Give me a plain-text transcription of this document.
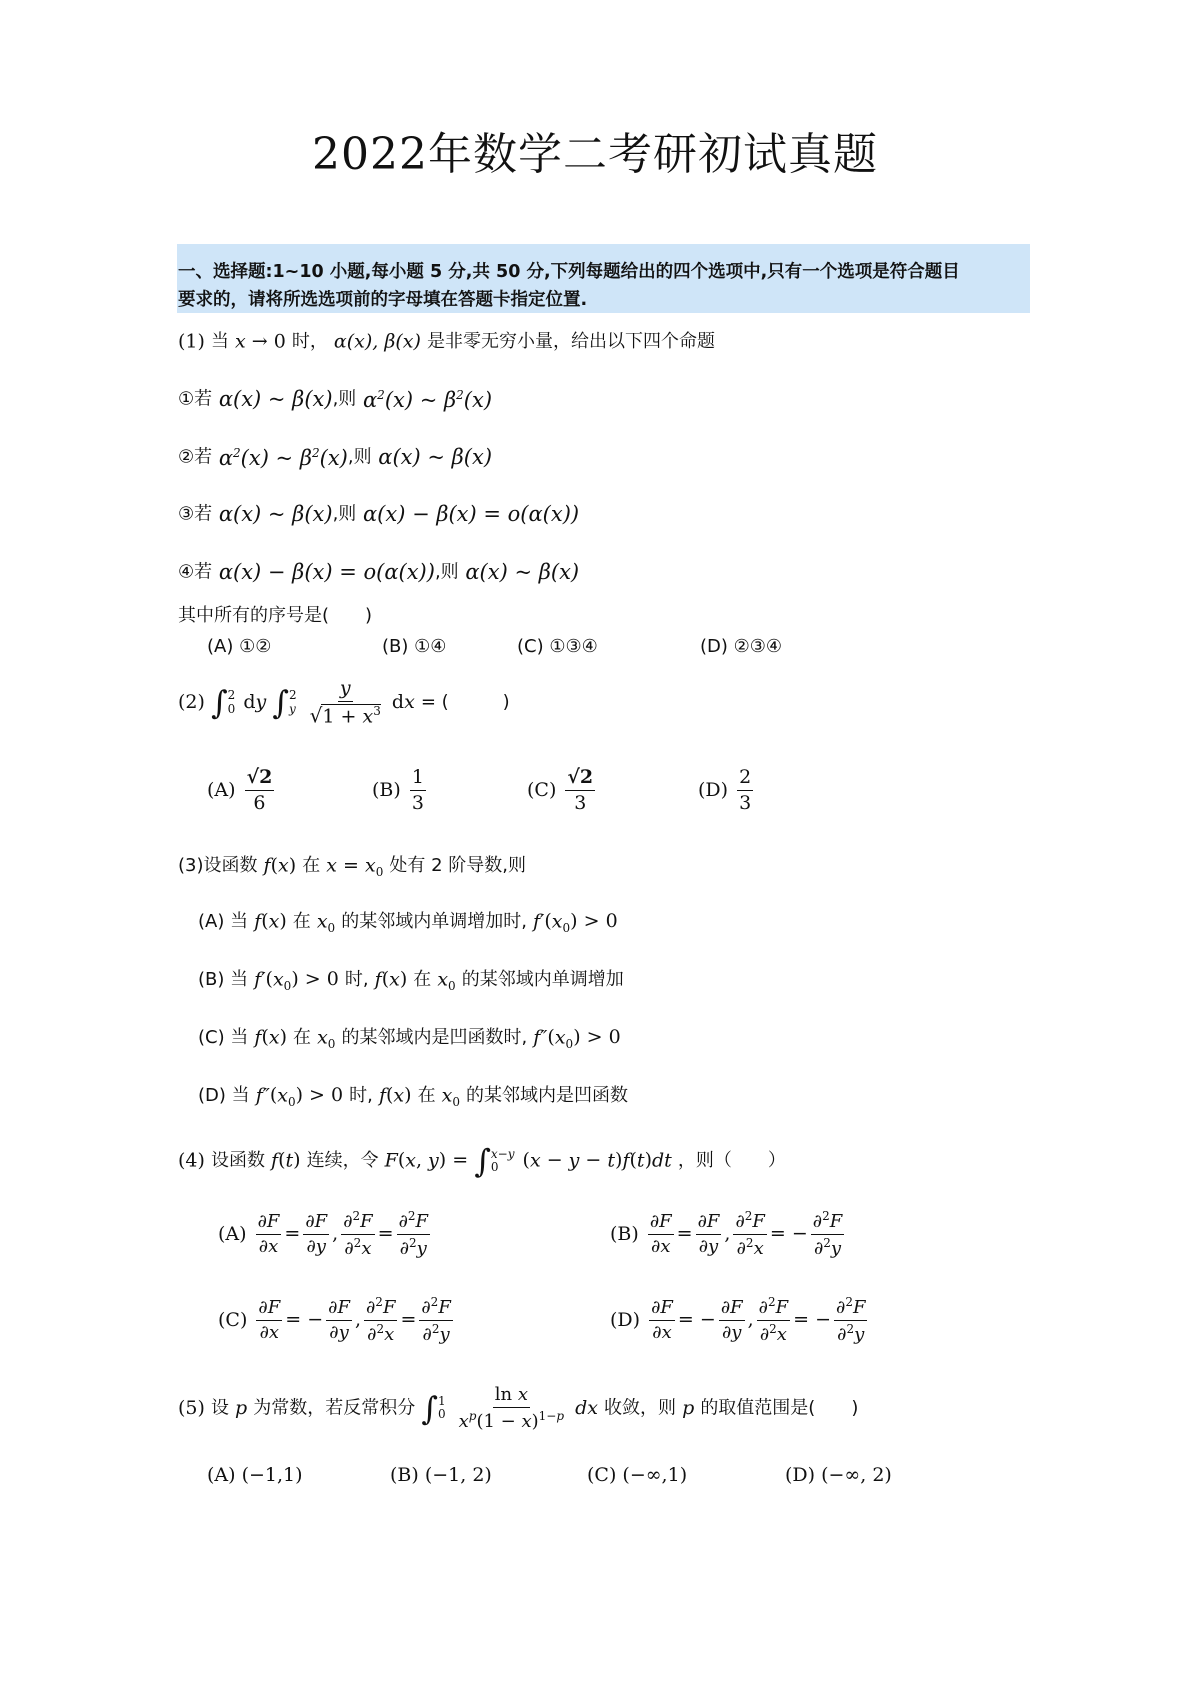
2022年数学二考研初试真题
一、选择题:1~10 小题,每小题 5 分,共 50 分,下列每题给出的四个选项中,只有一个选项是符合题目
要求的，请将所选选项前的字母填在答题卡指定位置.
(1) 当 x → 0 时， α(x), β(x) 是非零无穷小量，给出以下四个命题
①若 α(x) ~ β(x),则 $\alpha^2(x)$ ~ $\beta^2(x)$
②若 $\alpha^2(x)$ ~ $\beta^2(x)$,则 α(x) ~ β(x)
③若 α(x) ~ β(x),则 α(x) − β(x) = o(α(x))
④若 α(x) − β(x) = o(α(x)),则 α(x) ~ β(x)
其中所有的序号是(　　)
(A) ①②	(B) ①④	(C) ①③④	(D) ②③④
(2) ∫ 2
0 dy ∫ 2
y
$\frac{y}{√1 + x^3}$ dx = (　　　)
$(A) \frac{√2}{6}$	$(B) \frac{1}{3}$	$(C) \frac{√2}{3}$	$(D) \frac{2}{3}$
(3)设函数 f(x) 在 $x = x_0$ 处有 2 阶导数,则
(A) 当 f(x) 在 $x_0$ 的某邻域内单调增加时, $f'(x_0) > 0$
(B) 当 $f'(x_0) > 0$ 时, f(x) 在 $x_0$ 的某邻域内单调增加
(C) 当 f(x) 在 $x_0$ 的某邻域内是凹函数时, $f''(x_0) > 0$
(D) 当 $f''(x_0) > 0$ 时, f(x) 在 $x_0$ 的某邻域内是凹函数
(4) 设函数 f(t) 连续，令 F(x, y) = ∫ x−y
0 (x − y − t)f(t)dt ，则（　　）
$(A) \frac{\partial F}{\partial x} = \frac{\partial F}{\partial y}$ , $\frac{\partial^2F}{\partial^2x} = \frac{\partial^2F}{\partial^2y}$	$(B) \frac{\partial F}{\partial x} = \frac{\partial F}{\partial y}$ , $\frac{\partial^2F}{\partial^2x}$ = − $\frac{\partial^2F}{\partial^2y}$
$(C) \frac{\partial F}{\partial x}$ = − $\frac{\partial F}{\partial y}$ , $\frac{\partial^2F}{\partial^2x} = \frac{\partial^2F}{\partial^2y}$	$(D) \frac{\partial F}{\partial x}$ = − $\frac{\partial F}{\partial y}$ , $\frac{\partial^2F}{\partial^2x}$ = − $\frac{\partial^2F}{\partial^2y}$
(5) 设 p 为常数，若反常积分 ∫ 1
0
$\frac{\text{ln x}}{x^p(1 - x)^{1-p}}$ dx 收敛，则 p 的取值范围是(　　)
(A) (−1,1)	(B) (−1, 2)	(C) (−∞,1)	(D) (−∞, 2)
